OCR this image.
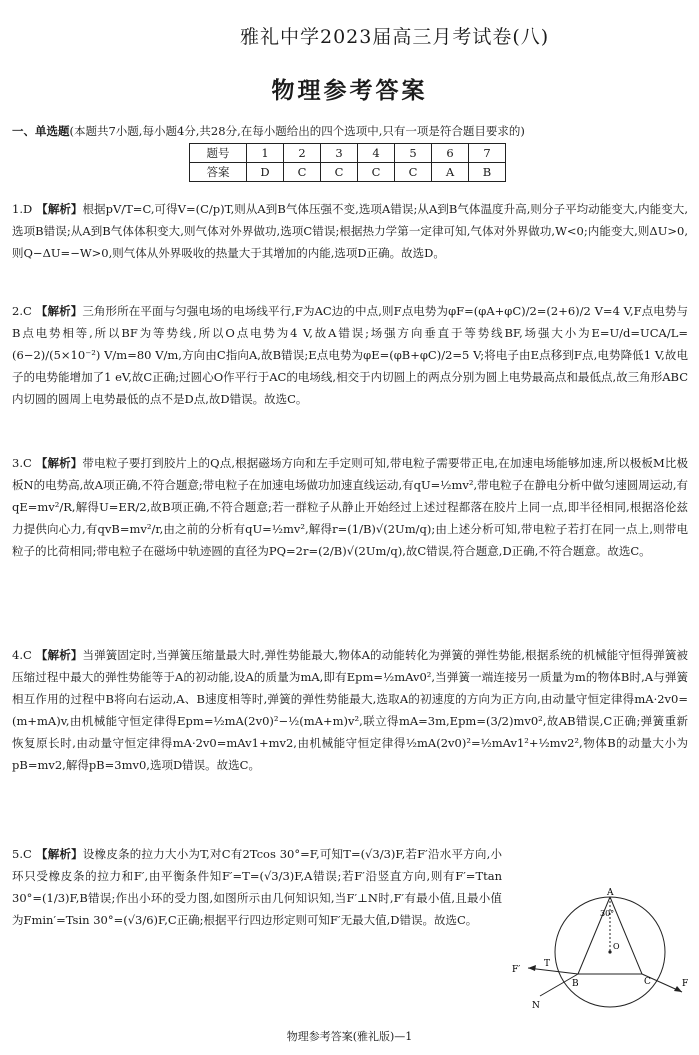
雅礼中学2023届高三月考试卷(八)
物理参考答案
一、单选题(本题共7小题,每小题4分,共28分,在每小题给出的四个选项中,只有一项是符合题目要求的)
题号	1	2	3	4	5	6	7
答案	D	C	C	C	C	A	B
1.D 【解析】根据pV/T=C,可得V=(C/p)T,则从A到B气体压强不变,选项A错误;从A到B气体温度升高,则分子平均动能变大,内能变大,选项B错误;从A到B气体体积变大,则气体对外界做功,选项C错误;根据热力学第一定律可知,气体对外界做功,W<0;内能变大,则ΔU>0,则Q−ΔU=−W>0,则气体从外界吸收的热量大于其增加的内能,选项D正确。故选D。
2.C 【解析】三角形所在平面与匀强电场的电场线平行,F为AC边的中点,则F点电势为φF=(φA+φC)/2=(2+6)/2 V=4 V,F点电势与B点电势相等,所以BF为等势线,所以O点电势为4 V,故A错误;场强方向垂直于等势线BF,场强大小为E=U/d=UCA/L=(6−2)/(5×10⁻²) V/m=80 V/m,方向由C指向A,故B错误;E点电势为φE=(φB+φC)/2=5 V;将电子由E点移到F点,电势降低1 V,故电子的电势能增加了1 eV,故C正确;过圆心O作平行于AC的电场线,相交于内切圆上的两点分别为圆上电势最高点和最低点,故三角形ABC内切圆的圆周上电势最低的点不是D点,故D错误。故选C。
3.C 【解析】带电粒子要打到胶片上的Q点,根据磁场方向和左手定则可知,带电粒子需要带正电,在加速电场能够加速,所以极板M比极板N的电势高,故A项正确,不符合题意;带电粒子在加速电场做功加速直线运动,有qU=½mv²,带电粒子在静电分析中做匀速圆周运动,有qE=mv²/R,解得U=ER/2,故B项正确,不符合题意;若一群粒子从静止开始经过上述过程都落在胶片上同一点,即半径相同,根据洛伦兹力提供向心力,有qvB=mv²/r,由之前的分析有qU=½mv²,解得r=(1/B)√(2Um/q);由上述分析可知,带电粒子若打在同一点上,则带电粒子的比荷相同;带电粒子在磁场中轨迹圆的直径为PQ=2r=(2/B)√(2Um/q),故C错误,符合题意,D正确,不符合题意。故选C。
4.C 【解析】当弹簧固定时,当弹簧压缩量最大时,弹性势能最大,物体A的动能转化为弹簧的弹性势能,根据系统的机械能守恒得弹簧被压缩过程中最大的弹性势能等于A的初动能,设A的质量为mA,即有Epm=½mAv0²,当弹簧一端连接另一质量为m的物体B时,A与弹簧相互作用的过程中B将向右运动,A、B速度相等时,弹簧的弹性势能最大,选取A的初速度的方向为正方向,由动量守恒定律得mA·2v0=(m+mA)v,由机械能守恒定律得Epm=½mA(2v0)²−½(mA+m)v²,联立得mA=3m,Epm=(3/2)mv0²,故AB错误,C正确;弹簧重新恢复原长时,由动量守恒定律得mA·2v0=mAv1+mv2,由机械能守恒定律得½mA(2v0)²=½mAv1²+½mv2²,物体B的动量大小为pB=mv2,解得pB=3mv0,选项D错误。故选C。
5.C 【解析】设橡皮条的拉力大小为T,对C有2Tcos 30°=F,可知T=(√3/3)F,若F′沿水平方向,小环只受橡皮条的拉力和F′,由平衡条件知F′=T=(√3/3)F,A错误;若F′沿竖直方向,则有F′=Ttan 30°=(1/3)F,B错误;作出小环的受力图,如图所示由几何知识知,当F′⊥N时,F′有最小值,且最小值为Fmin′=Tsin 30°=(√3/6)F,C正确;根据平行四边形定则可知F′无最大值,D错误。故选C。
A
30°
O
B	C
F′
T
N
F
物理参考答案(雅礼版)—1
